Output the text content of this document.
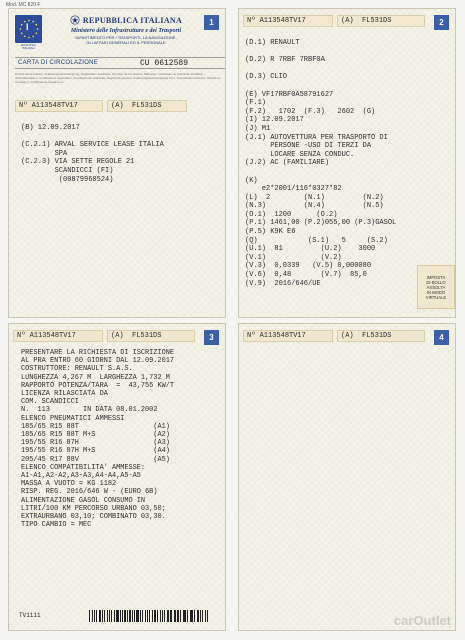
Mod. MC 820 F
1
I
EUROPEA ITALIANA
REPUBBLICA ITALIANA
Ministero delle Infrastrutture e dei Trasporti
DIPARTIMENTO PER I TRASPORTI, LA NAVIGAZIONE,
GLI AFFARI GENERALI ED IL PERSONALE
CARTA DI CIRCOLAZIONE	CU 0612589
Permis de circulation, Zulassungsbescheinigung, Registration certificate, Permiso de circulación, Rijbewijs, Certificado de matrícula, Certificat d'immatriculation, Certificate of registration, Certificado de matrícula, Registreringsattest, Zulassungsbescheinigung Teil I, Trwyddedau cofrestru, Permis de circulation, Certificato di circolazione
Nº
A113548TV17	(A)
FL531DS
(B) 12.09.2017

(C.2.1) ARVAL SERVICE LEASE ITALIA
SPA
(C.2.3) VIA SETTE REGOLE 21
SCANDICCI (FI)
(00879960524)
2
Nº
A113548TV17	(A)
FL531DS
(D.1) RENAULT

(D.2) R 7RBF 7RBF0A

(D.3) CLIO

(E) VF17RBF0A58791627
(F.1)
(F.2)   1702  (F.3)   2602  (G)
(I) 12.09.2017
(J) M1
(J.1) AUTOVETTURA PER TRASPORTO DI
PERSONE -USO DI TERZI DA
LOCARE SENZA CONDUC.
(J.2) AC (FAMILIARE)

(K)
e2*2001/116*0327*82
(L)  2        (N.1)         (N.2)
(N.3)         (N.4)         (N.5)
(O.1)  1200      (O.2)
(P.1) 1461,00 (P.2)055,00 (P.3)GASOL
(P.5) K9K E6
(Q)            (S.1)   5     (S.2)
(U.1)  81         (U.2)    3000
(V.1)             (V.2)
(V.3)  0,0339   (V.5) 0,000080
(V.6)  0,48       (V.7)  85,0
(V.9)  2016/646/UE
IMPOSTA
DI BOLLO
ASSOLTA
IN MODO
VIRTUALE
3
Nº
A113548TV17	(A)
FL531DS
PRESENTARE LA RICHIESTA DI ISCRIZIONE
AL PRA ENTRO 60 GIORNI DAL 12.09.2017
COSTRUTTORE: RENAULT S.A.S.
LUNGHEZZA 4,267 M  LARGHEZZA 1,732 M
RAPPORTO POTENZA/TARA  =  43,755 KW/T
LICENZA RILASCIATA DA
COM. SCANDICCI
N.  113        IN DATA 08.01.2002
ELENCO PNEUMATICI AMMESSI
185/65 R15 88T                  (A1)
185/65 R15 88T M+S              (A2)
195/55 R16 87H                  (A3)
195/55 R16 87H M+S              (A4)
205/45 R17 88V                  (A5)
ELENCO COMPATIBILITA' AMMESSE:
A1-A1,A2-A2,A3-A3,A4-A4,A5-A5
MASSA A VUOTO = KG 1182
RISP. REG. 2016/646 W - (EURO 6B)
ALIMENTAZIONE GASOL CONSUMO IN
LITRI/100 KM PERCORSO URBANO 03,50;
EXTRAURBANO 03,10; COMBINATO 03,30.
TIPO CAMBIO = MEC
TV1111
4
Nº
A113548TV17	(A)
FL531DS
carOutlet
